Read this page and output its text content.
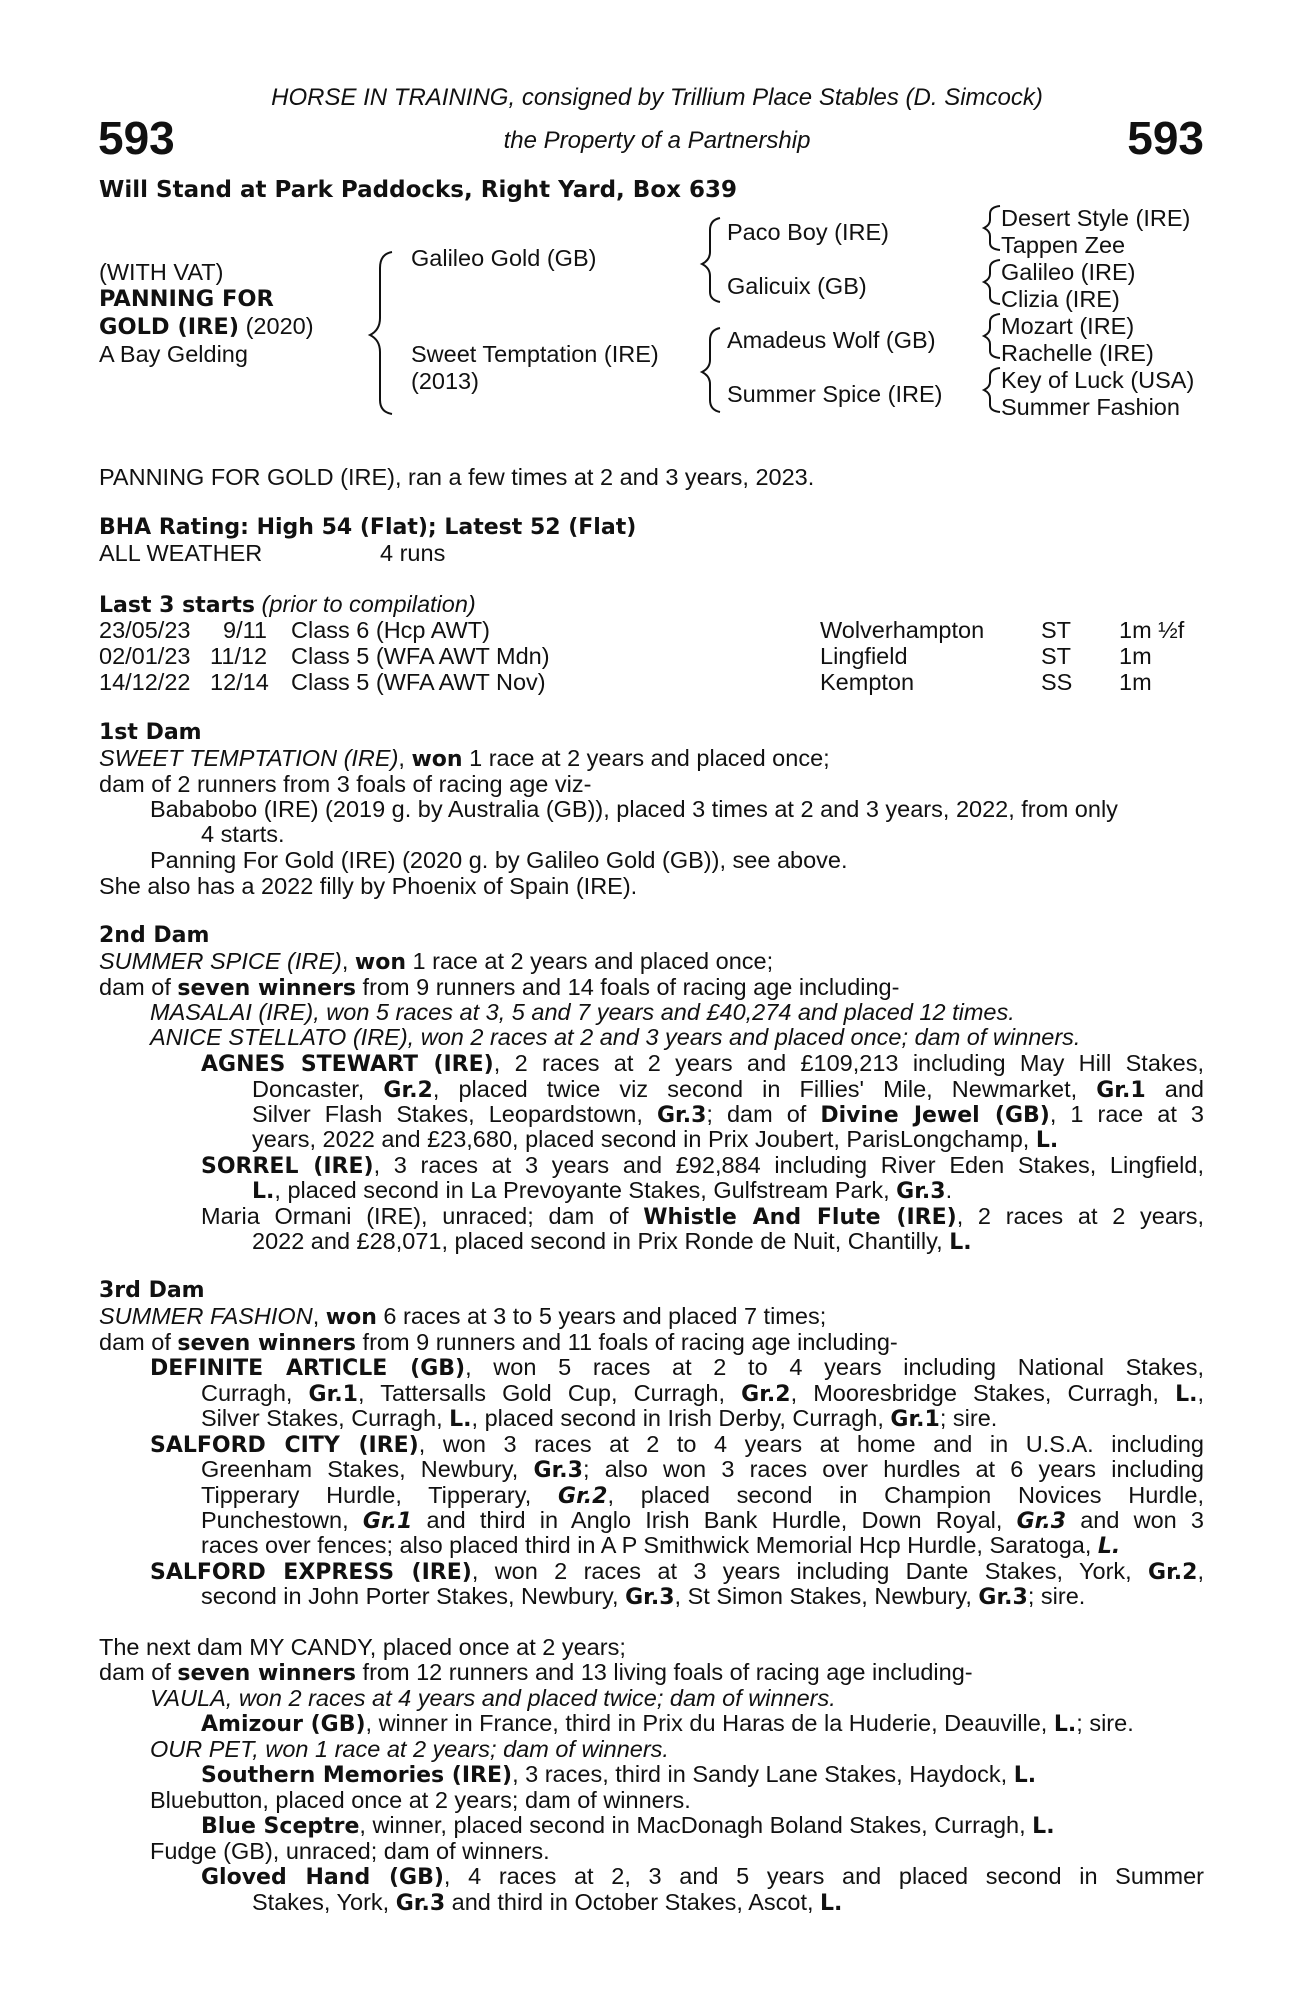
HORSE IN TRAINING, consigned by Trillium Place Stables (D. Simcock)
the Property of a Partnership
593	593
Will Stand at Park Paddocks, Right Yard, Box 639
(WITH VAT)
PANNING FOR
GOLD (IRE) (2020)
A Bay Gelding
Galileo Gold (GB)
Sweet Temptation (IRE)
(2013)
Paco Boy (IRE)
Galicuix (GB)
Amadeus Wolf (GB)
Summer Spice (IRE)
Desert Style (IRE)
Tappen Zee
Galileo (IRE)
Clizia (IRE)
Mozart (IRE)
Rachelle (IRE)
Key of Luck (USA)
Summer Fashion
PANNING FOR GOLD (IRE), ran a few times at 2 and 3 years, 2023.
BHA Rating: High 54 (Flat); Latest 52 (Flat)
ALL WEATHER	4 runs
Last 3 starts (prior to compilation)
23/05/23 9/11 Class 6 (Hcp AWT)	Wolverhampton ST 1m ½f
02/01/23 11/12 Class 5 (WFA AWT Mdn)	Lingfield	ST 1m
14/12/22 12/14 Class 5 (WFA AWT Nov)	Kempton	SS 1m
1st Dam
SWEET TEMPTATION (IRE), won 1 race at 2 years and placed once;
dam of 2 runners from 3 foals of racing age viz-
Bababobo (IRE) (2019 g. by Australia (GB)), placed 3 times at 2 and 3 years, 2022, from only
4 starts.
Panning For Gold (IRE) (2020 g. by Galileo Gold (GB)), see above.
She also has a 2022 filly by Phoenix of Spain (IRE).
2nd Dam
SUMMER SPICE (IRE), won 1 race at 2 years and placed once;
dam of seven winners from 9 runners and 14 foals of racing age including-
MASALAI (IRE), won 5 races at 3, 5 and 7 years and £40,274 and placed 12 times.
ANICE STELLATO (IRE), won 2 races at 2 and 3 years and placed once; dam of winners.
AGNES STEWART (IRE), 2 races at 2 years and £109,213 including May Hill Stakes,
Doncaster, Gr.2, placed twice viz second in Fillies' Mile, Newmarket, Gr.1 and
Silver Flash Stakes, Leopardstown, Gr.3; dam of Divine Jewel (GB), 1 race at 3
years, 2022 and £23,680, placed second in Prix Joubert, ParisLongchamp, L.
SORREL (IRE), 3 races at 3 years and £92,884 including River Eden Stakes, Lingfield,
L., placed second in La Prevoyante Stakes, Gulfstream Park, Gr.3.
Maria Ormani (IRE), unraced; dam of Whistle And Flute (IRE), 2 races at 2 years,
2022 and £28,071, placed second in Prix Ronde de Nuit, Chantilly, L.
3rd Dam
SUMMER FASHION, won 6 races at 3 to 5 years and placed 7 times;
dam of seven winners from 9 runners and 11 foals of racing age including-
DEFINITE ARTICLE (GB), won 5 races at 2 to 4 years including National Stakes,
Curragh, Gr.1, Tattersalls Gold Cup, Curragh, Gr.2, Mooresbridge Stakes, Curragh, L.,
Silver Stakes, Curragh, L., placed second in Irish Derby, Curragh, Gr.1; sire.
SALFORD CITY (IRE), won 3 races at 2 to 4 years at home and in U.S.A. including
Greenham Stakes, Newbury, Gr.3; also won 3 races over hurdles at 6 years including
Tipperary Hurdle, Tipperary, Gr.2, placed second in Champion Novices Hurdle,
Punchestown, Gr.1 and third in Anglo Irish Bank Hurdle, Down Royal, Gr.3 and won 3
races over fences; also placed third in A P Smithwick Memorial Hcp Hurdle, Saratoga, L.
SALFORD EXPRESS (IRE), won 2 races at 3 years including Dante Stakes, York, Gr.2,
second in John Porter Stakes, Newbury, Gr.3, St Simon Stakes, Newbury, Gr.3; sire.
The next dam MY CANDY, placed once at 2 years;
dam of seven winners from 12 runners and 13 living foals of racing age including-
VAULA, won 2 races at 4 years and placed twice; dam of winners.
Amizour (GB), winner in France, third in Prix du Haras de la Huderie, Deauville, L.; sire.
OUR PET, won 1 race at 2 years; dam of winners.
Southern Memories (IRE), 3 races, third in Sandy Lane Stakes, Haydock, L.
Bluebutton, placed once at 2 years; dam of winners.
Blue Sceptre, winner, placed second in MacDonagh Boland Stakes, Curragh, L.
Fudge (GB), unraced; dam of winners.
Gloved Hand (GB), 4 races at 2, 3 and 5 years and placed second in Summer
Stakes, York, Gr.3 and third in October Stakes, Ascot, L.
